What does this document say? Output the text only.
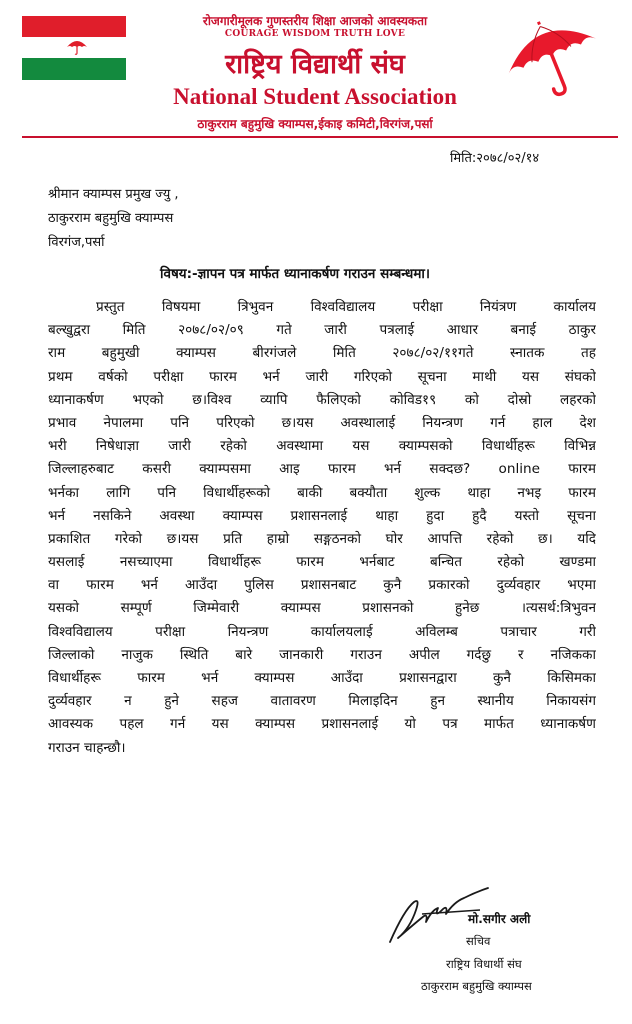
रोजगारीमूलक गुणस्तरीय शिक्षा आजको आवस्यकता
COURAGE WISDOM TRUTH LOVE
राष्ट्रिय विद्यार्थी संघ
National Student Association
ठाकुरराम बहुमुखि क्याम्पस,ईकाइ कमिटी,विरगंज,पर्सा
मिति:२०७८/०२/१४
श्रीमान क्याम्पस प्रमुख ज्यु ,
ठाकुरराम बहुमुखि क्याम्पस
विरगंज,पर्सा
विषय:-ज्ञापन पत्र मार्फत ध्यानाकर्षण गराउन सम्बन्धमा।
प्रस्तुत विषयमा त्रिभुवन विश्वविद्यालय परीक्षा नियंत्रण कार्यालय
बल्खुद्वरा मिति २०७८/०२/०९ गते जारी पत्रलाई आधार बनाई ठाकुर
राम बहुमुखी क्याम्पस बीरगंजले मिति २०७८/०२/११गते स्नातक तह
प्रथम वर्षको परीक्षा फारम भर्न जारी गरिएको सूचना माथी यस संघको
ध्यानाकर्षण भएको छ।विश्व व्यापि फैलिएको कोविड१९ को दोस्रो लहरको
प्रभाव नेपालमा पनि परिएको छ।यस अवस्थालाई नियन्त्रण गर्न हाल देश
भरी निषेधाज्ञा जारी रहेको अवस्थामा यस क्याम्पसको विधार्थीहरू विभिन्न
जिल्लाहरुबाट कसरी क्याम्पसमा आइ फारम भर्न सक्दछ? online फारम
भर्नका लागि पनि विधार्थीहरूको बाकी बक्यौता शुल्क थाहा नभइ फारम
भर्न नसकिने अवस्था क्याम्पस प्रशासनलाई थाहा हुदा हुदै यस्तो सूचना
प्रकाशित गरेको छ।यस प्रति हाम्रो सङ्गठनको घोर आपत्ति रहेको छ। यदि
यसलाई नसच्याएमा विधार्थीहरू फारम भर्नबाट बन्चित रहेको खण्डमा
वा फारम भर्न आउँदा पुलिस प्रशासनबाट कुनै प्रकारको दुर्व्यवहार भएमा
यसको सम्पूर्ण जिम्मेवारी क्याम्पस प्रशासनको हुनेछ ।त्यसर्थ:त्रिभुवन
विश्वविद्यालय परीक्षा नियन्त्रण कार्यालयलाई अविलम्ब पत्राचार गरी
जिल्लाको नाजुक स्थिति बारे जानकारी गराउन अपील गर्दछु र नजिकका
विधार्थीहरू फारम भर्न क्याम्पस आउँदा प्रशासनद्वारा कुनै किसिमका
दुर्व्यवहार न हुने सहज वातावरण मिलाइदिन हुन स्थानीय निकायसंग
आवस्यक पहल गर्न यस क्याम्पस प्रशासनलाई यो पत्र मार्फत ध्यानाकर्षण
गराउन चाहन्छौ।
मो.सगीर अली
सचिव
राष्ट्रिय विधार्थी संघ
ठाकुरराम बहुमुखि क्याम्पस
